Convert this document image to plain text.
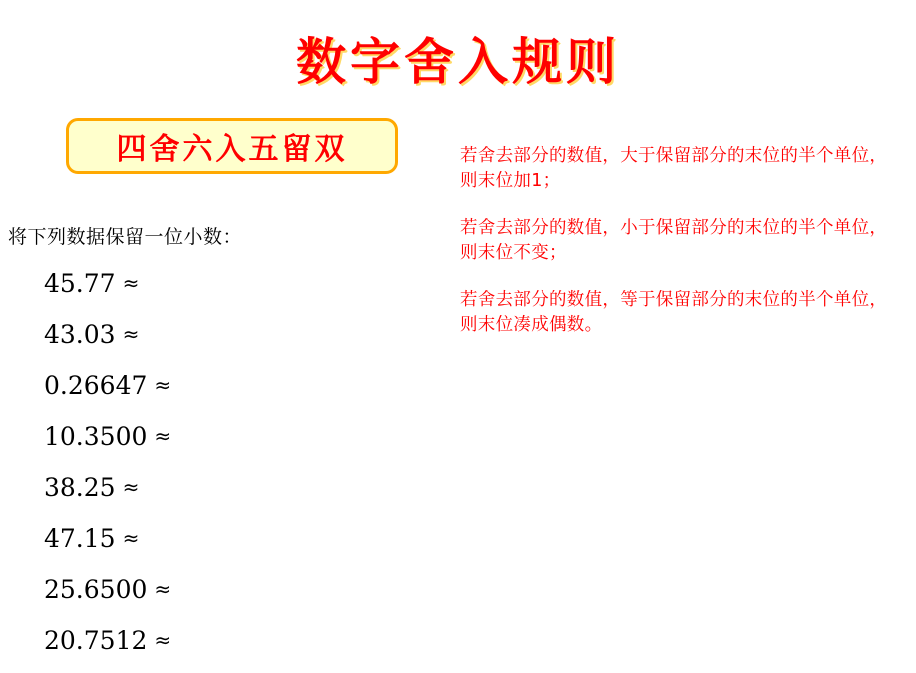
数字舍入规则
四舍六入五留双
将下列数据保留一位小数：
45.77 ≈
43.03 ≈
0.26647 ≈
10.3500 ≈
38.25 ≈
47.15 ≈
25.6500 ≈
20.7512 ≈
若舍去部分的数值，大于保留部分的末位的半个单位，则末位加1；
若舍去部分的数值，小于保留部分的末位的半个单位，则末位不变；
若舍去部分的数值，等于保留部分的末位的半个单位，则末位凑成偶数。
